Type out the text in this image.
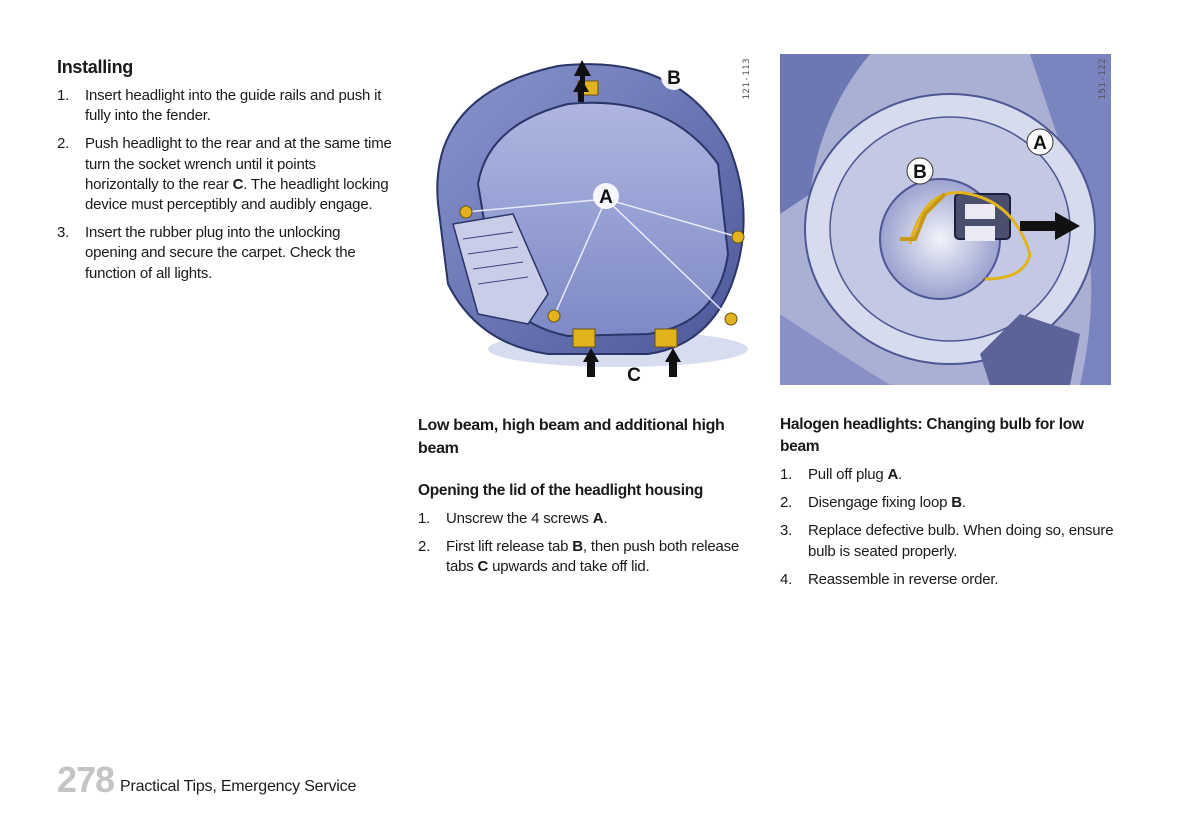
Installing
1. Insert headlight into the guide rails and push it fully into the fender.
2. Push headlight to the rear and at the same time turn the socket wrench until it points horizontally to the rear C. The headlight locking device must perceptibly and audibly engage.
3. Insert the rubber plug into the unlocking opening and secure the carpet. Check the function of all lights.
A
B
C
121-113
A
B
151-122
Low beam, high beam and additional high beam
Opening the lid of the headlight housing
1. Unscrew the 4 screws A.
2. First lift release tab B, then push both release tabs C upwards and take off lid.
Halogen headlights: Changing bulb for low beam
1. Pull off plug A.
2. Disengage fixing loop B.
3. Replace defective bulb. When doing so, ensure bulb is seated properly.
4. Reassemble in reverse order.
278 Practical Tips, Emergency Service
